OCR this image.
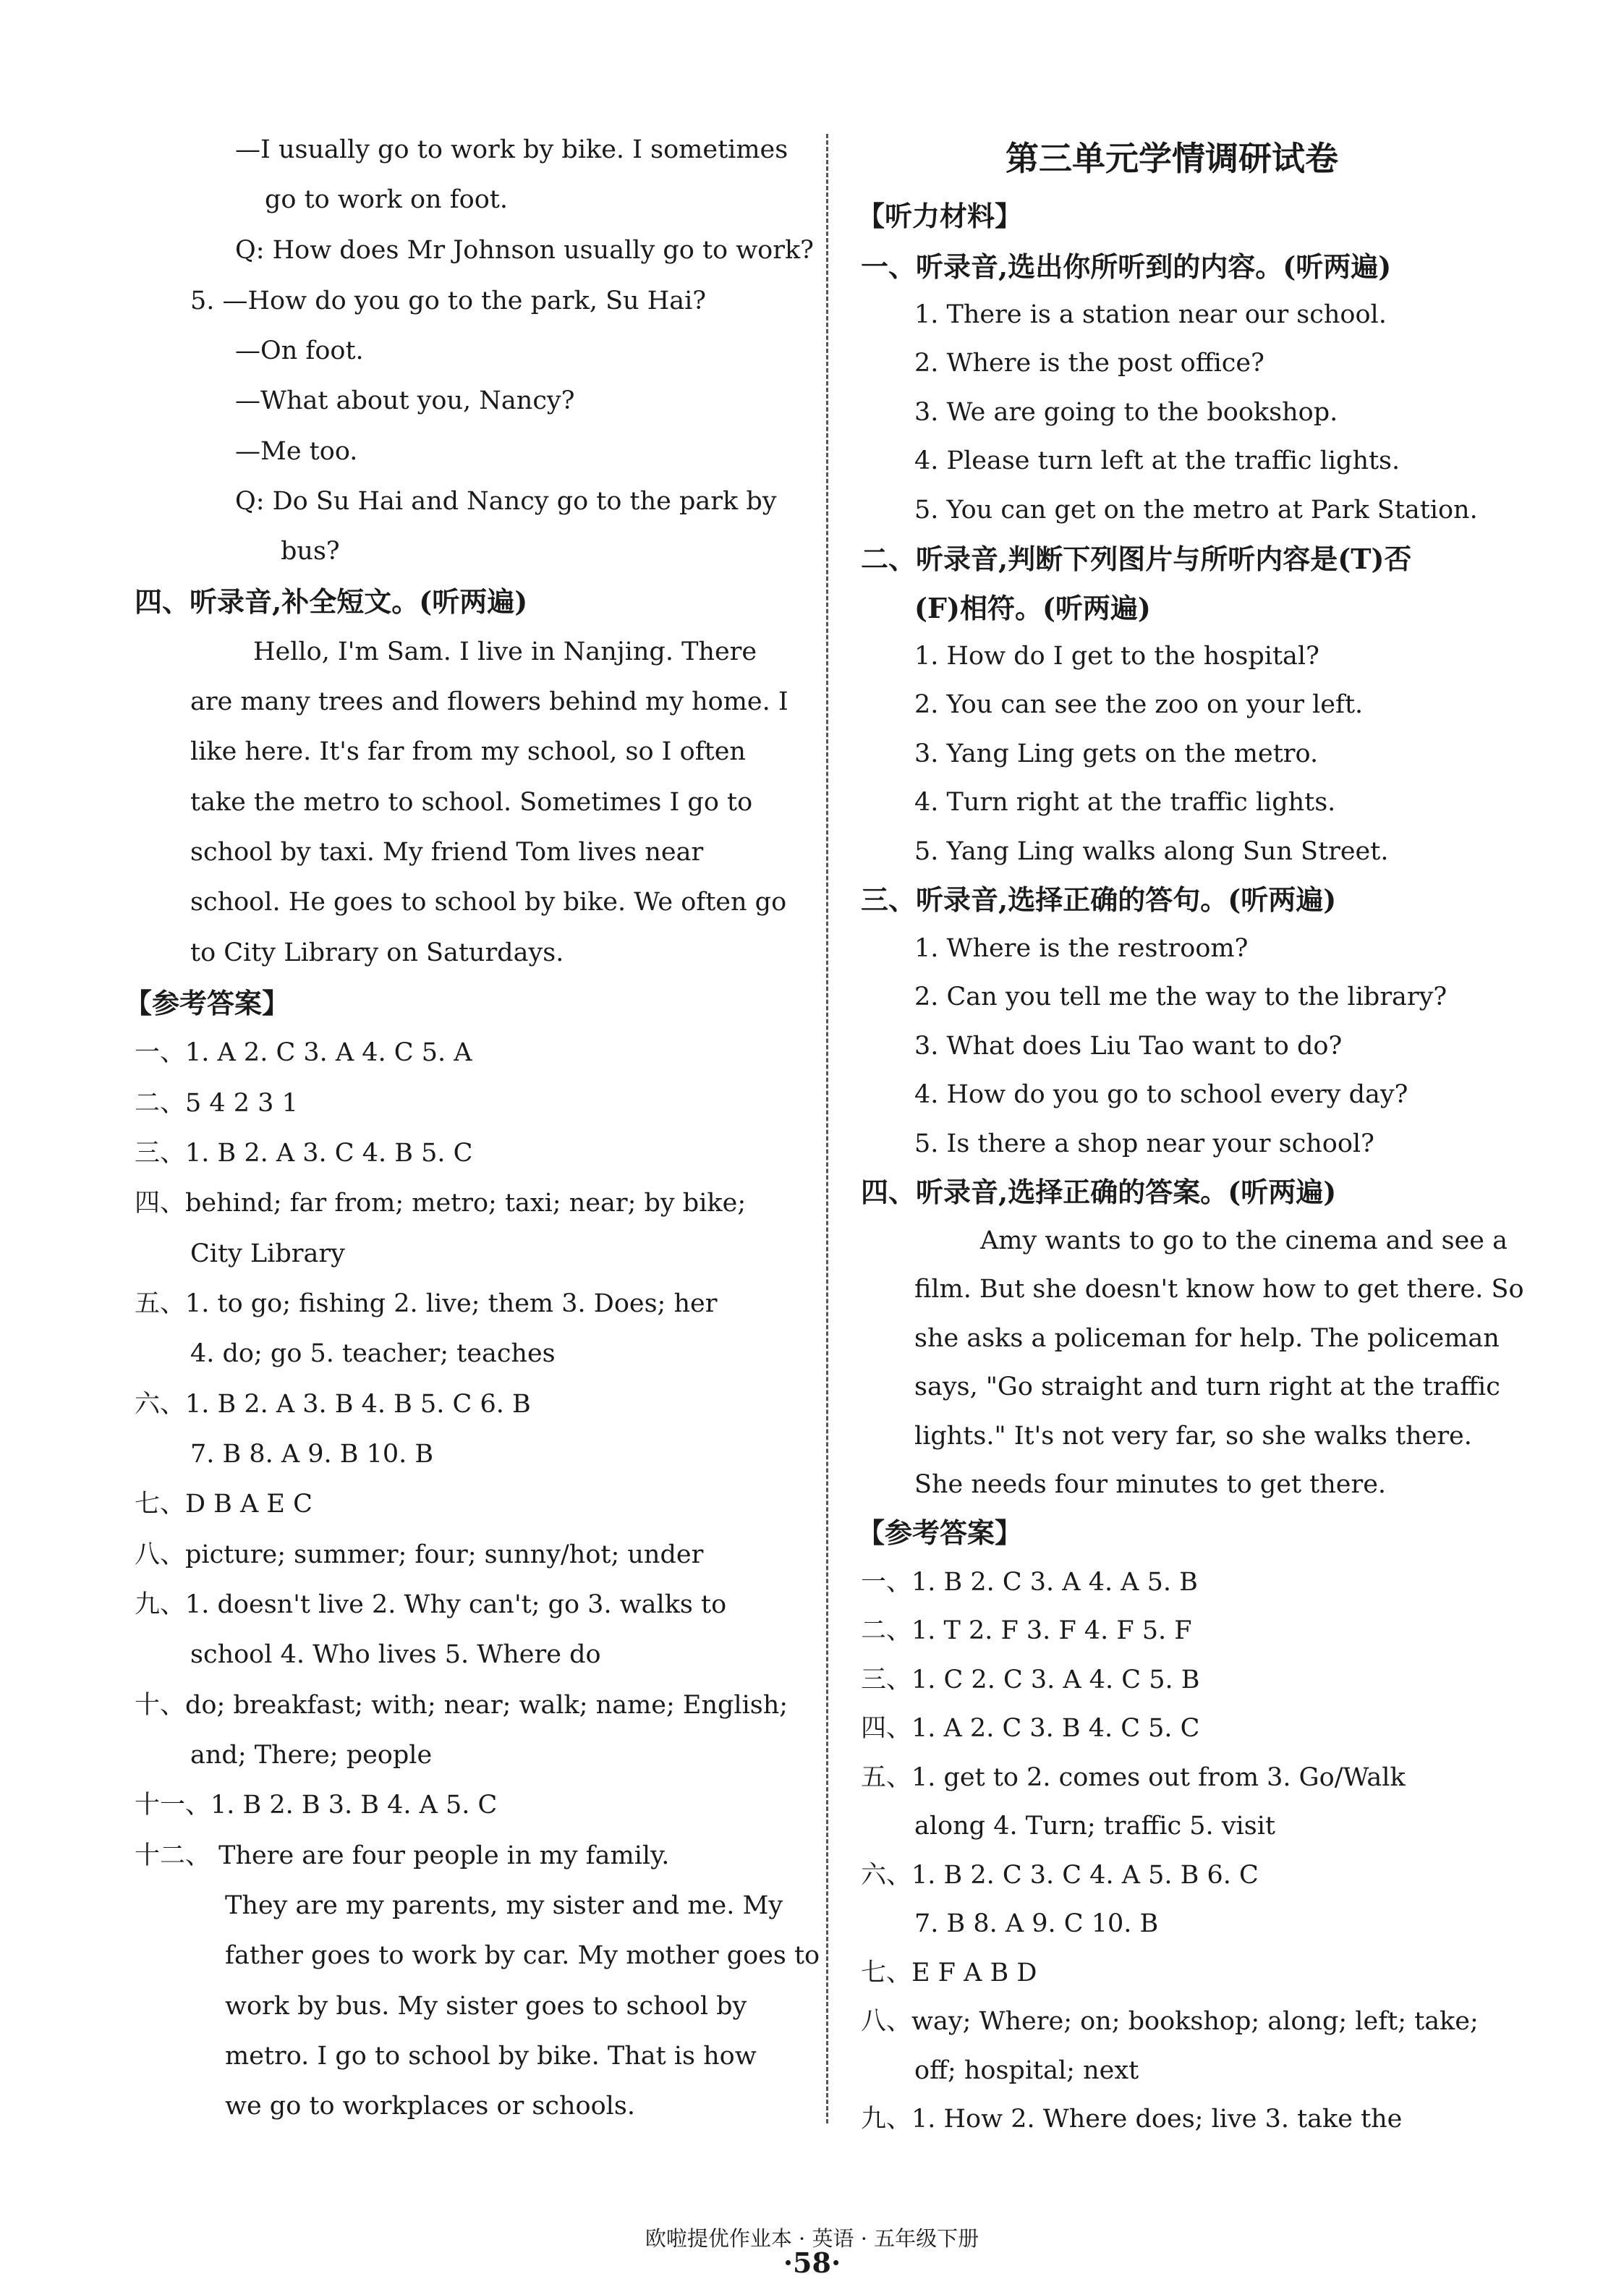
—I usually go to work by bike. I sometimes
go to work on foot.
Q: How does Mr Johnson usually go to work?
5. —How do you go to the park, Su Hai?
—On foot.
—What about you, Nancy?
—Me too.
Q: Do Su Hai and Nancy go to the park by
bus?
四、听录音,补全短文。(听两遍)
Hello, I'm Sam. I live in Nanjing. There
are many trees and flowers behind my home. I
like here. It's far from my school, so I often
take the metro to school. Sometimes I go to
school by taxi. My friend Tom lives near
school. He goes to school by bike. We often go
to City Library on Saturdays.
【参考答案】
一、1. A 2. C 3. A 4. C 5. A
二、5 4 2 3 1
三、1. B 2. A 3. C 4. B 5. C
四、behind; far from; metro; taxi; near; by bike;
City Library
五、1. to go; fishing 2. live; them 3. Does; her
4. do; go 5. teacher; teaches
六、1. B 2. A 3. B 4. B 5. C 6. B
7. B 8. A 9. B 10. B
七、D B A E C
八、picture; summer; four; sunny/hot; under
九、1. doesn't live 2. Why can't; go 3. walks to
school 4. Who lives 5. Where do
十、do; breakfast; with; near; walk; name; English;
and; There; people
十一、1. B 2. B 3. B 4. A 5. C
十二、 There are four people in my family.
They are my parents, my sister and me. My
father goes to work by car. My mother goes to
work by bus. My sister goes to school by
metro. I go to school by bike. That is how
we go to workplaces or schools.
第三单元学情调研试卷
【听力材料】
一、听录音,选出你所听到的内容。(听两遍)
1. There is a station near our school.
2. Where is the post office?
3. We are going to the bookshop.
4. Please turn left at the traffic lights.
5. You can get on the metro at Park Station.
二、听录音,判断下列图片与所听内容是(T)否
(F)相符。(听两遍)
1. How do I get to the hospital?
2. You can see the zoo on your left.
3. Yang Ling gets on the metro.
4. Turn right at the traffic lights.
5. Yang Ling walks along Sun Street.
三、听录音,选择正确的答句。(听两遍)
1. Where is the restroom?
2. Can you tell me the way to the library?
3. What does Liu Tao want to do?
4. How do you go to school every day?
5. Is there a shop near your school?
四、听录音,选择正确的答案。(听两遍)
Amy wants to go to the cinema and see a
film. But she doesn't know how to get there. So
she asks a policeman for help. The policeman
says, "Go straight and turn right at the traffic
lights." It's not very far, so she walks there.
She needs four minutes to get there.
【参考答案】
一、1. B 2. C 3. A 4. A 5. B
二、1. T 2. F 3. F 4. F 5. F
三、1. C 2. C 3. A 4. C 5. B
四、1. A 2. C 3. B 4. C 5. C
五、1. get to 2. comes out from 3. Go/Walk
along 4. Turn; traffic 5. visit
六、1. B 2. C 3. C 4. A 5. B 6. C
7. B 8. A 9. C 10. B
七、E F A B D
八、way; Where; on; bookshop; along; left; take;
off; hospital; next
九、1. How 2. Where does; live 3. take the
欧啦提优作业本 · 英语 · 五年级下册
·58·
